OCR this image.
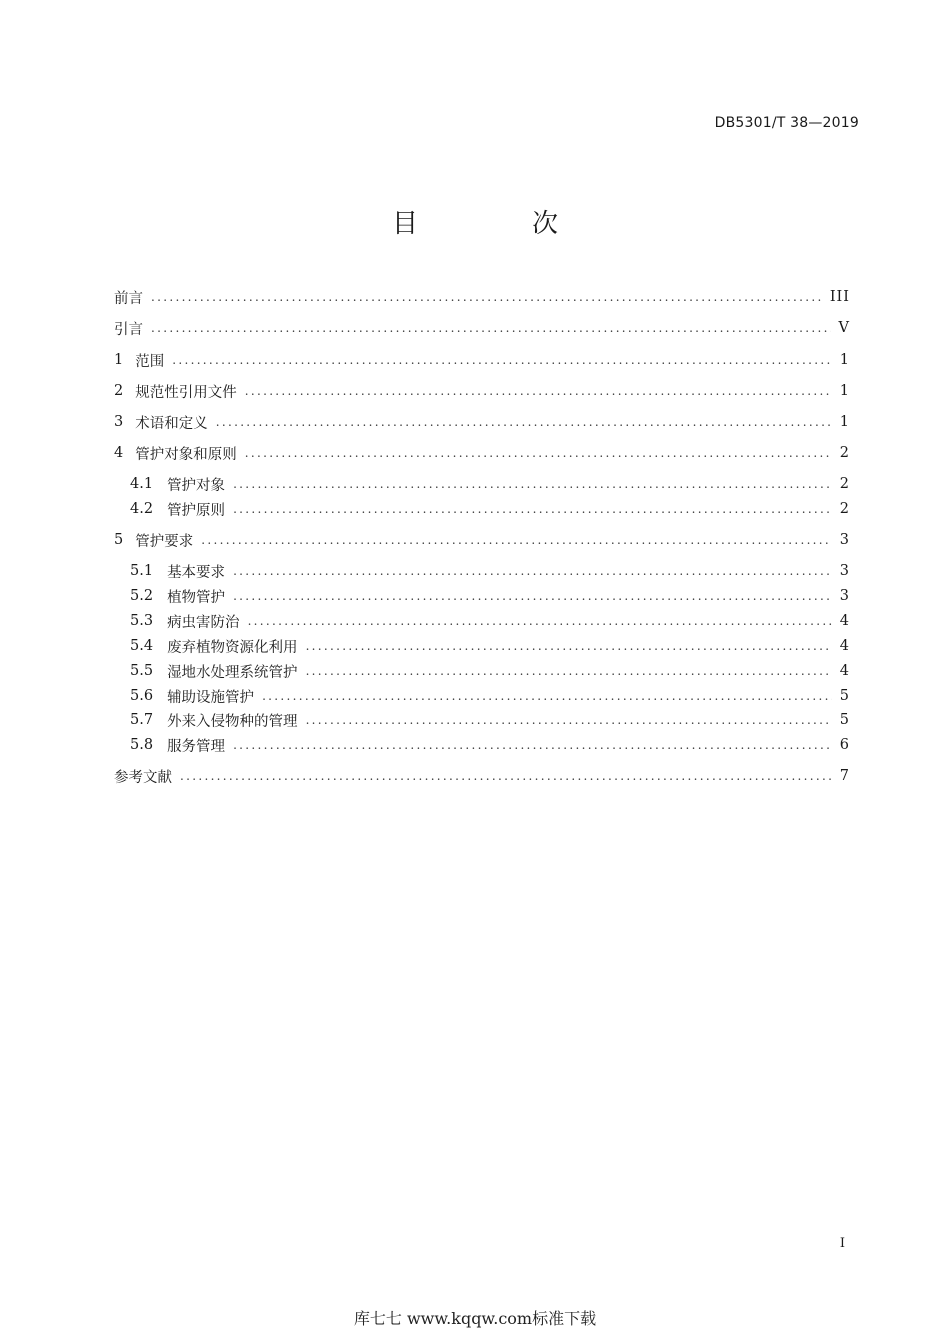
DB5301/T 38—2019
目　次
前言 .....	III
引言 .....	V
1 范围 .....	1
2 规范性引用文件 .....	1
3 术语和定义 .....	1
4 管护对象和原则 .....	2
4.1 管护对象 .....	2
4.2 管护原则 .....	2
5 管护要求 .....	3
5.1 基本要求 .....	3
5.2 植物管护 .....	3
5.3 病虫害防治 .....	4
5.4 废弃植物资源化利用 .....	4
5.5 湿地水处理系统管护 .....	4
5.6 辅助设施管护 .....	5
5.7 外来入侵物种的管理 .....	5
5.8 服务管理 .....	6
参考文献 .....	7
I
库七七 www.kqqw.com标准下载
